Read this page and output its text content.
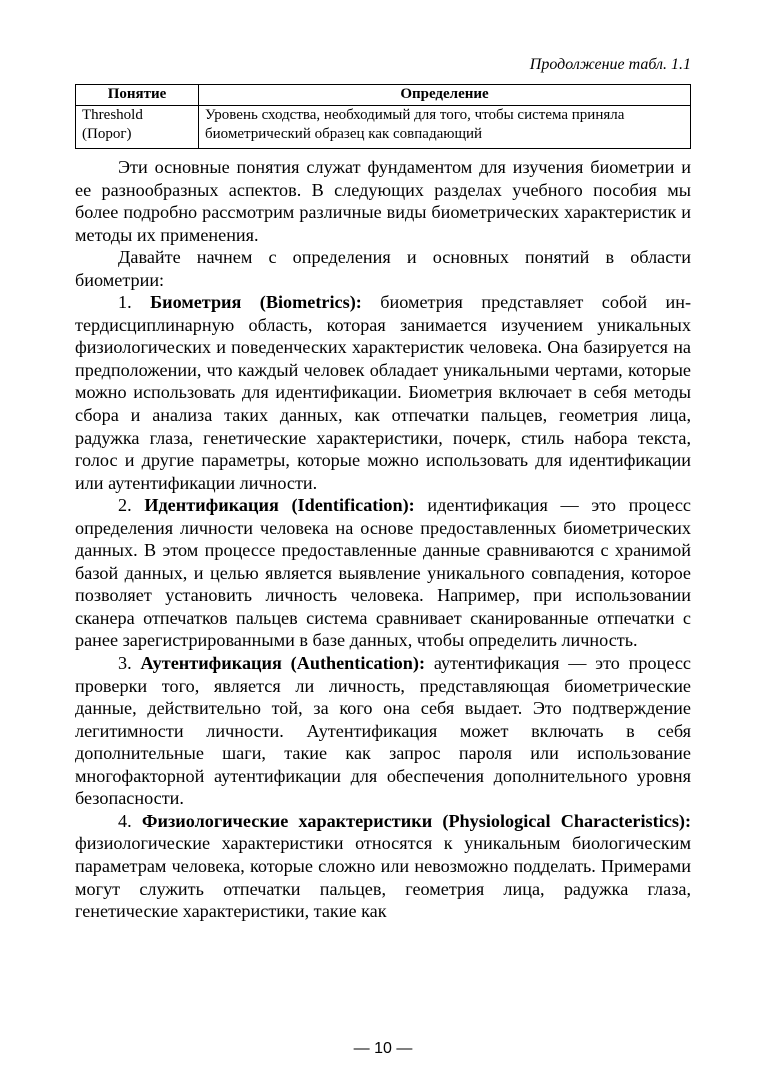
Продолжение табл. 1.1
Понятие	Определение
Threshold (Порог)	Уровень сходства, необходимый для того, чтобы система приняла биометрический образец как совпадающий

Эти основные понятия служат фундаментом для изучения биометрии и ее разнообразных аспектов. В следующих разделах учебного пособия мы более подробно рассмотрим различные виды биометрических характеристик и методы их применения.

Давайте начнем с определения и основных понятий в области биометрии:

1. Биометрия (Biometrics): биометрия представляет собой интердисциплинарную область, которая занимается изучением уникальных физиологических и поведенческих характеристик человека. Она базируется на предположении, что каждый человек обладает уникальными чертами, которые можно использовать для идентификации. Биометрия включает в себя методы сбора и анализа таких данных, как отпечатки пальцев, геометрия лица, радужка глаза, генетические характеристики, почерк, стиль набора текста, голос и другие параметры, которые можно использовать для идентификации или аутентификации личности.

2. Идентификация (Identification): идентификация — это процесс определения личности человека на основе предоставленных биометрических данных. В этом процессе предоставленные данные сравниваются с хранимой базой данных, и целью является выявление уникального совпадения, которое позволяет установить личность человека. Например, при использовании сканера отпечатков пальцев система сравнивает сканированные отпечатки с ранее зарегистрированными в базе данных, чтобы определить личность.

3. Аутентификация (Authentication): аутентификация — это процесс проверки того, является ли личность, представляющая биометрические данные, действительно той, за кого она себя выдает. Это подтверждение легитимности личности. Аутентификация может включать в себя дополнительные шаги, такие как запрос пароля или использование многофакторной аутентификации для обеспечения дополнительного уровня безопасности.

4. Физиологические характеристики (Physiological Characteristics): физиологические характеристики относятся к уникальным биологическим параметрам человека, которые сложно или невозможно подделать. Примерами могут служить отпечатки пальцев, геометрия лица, радужка глаза, генетические характеристики, такие как

— 10 —
